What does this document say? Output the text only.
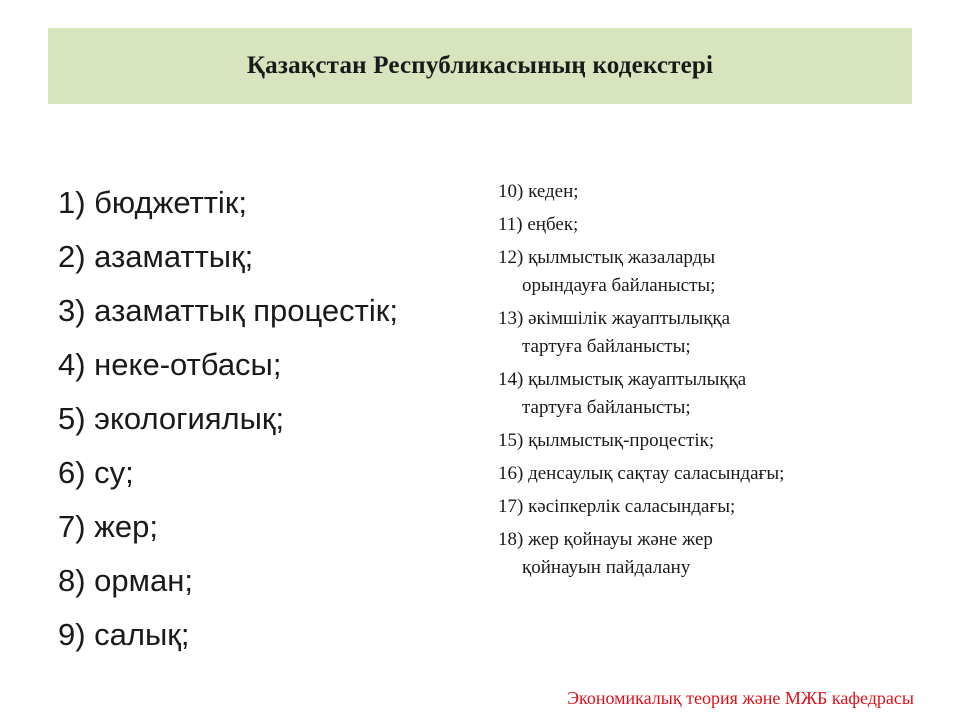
Қазақстан Республикасының кодекстері
1) бюджеттік;
2) азаматтық;
3) азаматтық процестік;
4) неке-отбасы;
5) экологиялық;
6) су;
7) жер;
8) орман;
9) салық;
10) кеден;
11) еңбек;
12) қылмыстық жазаларды
орындауға байланысты;
13) әкімшілік жауаптылыққа
тартуға байланысты;
14) қылмыстық жауаптылыққа
тартуға байланысты;
15) қылмыстық-процестік;
16) денсаулық сақтау саласындағы;
17) кәсіпкерлік саласындағы;
18) жер қойнауы және жер
қойнауын пайдалану
Экономикалық теория және МЖБ кафедрасы
